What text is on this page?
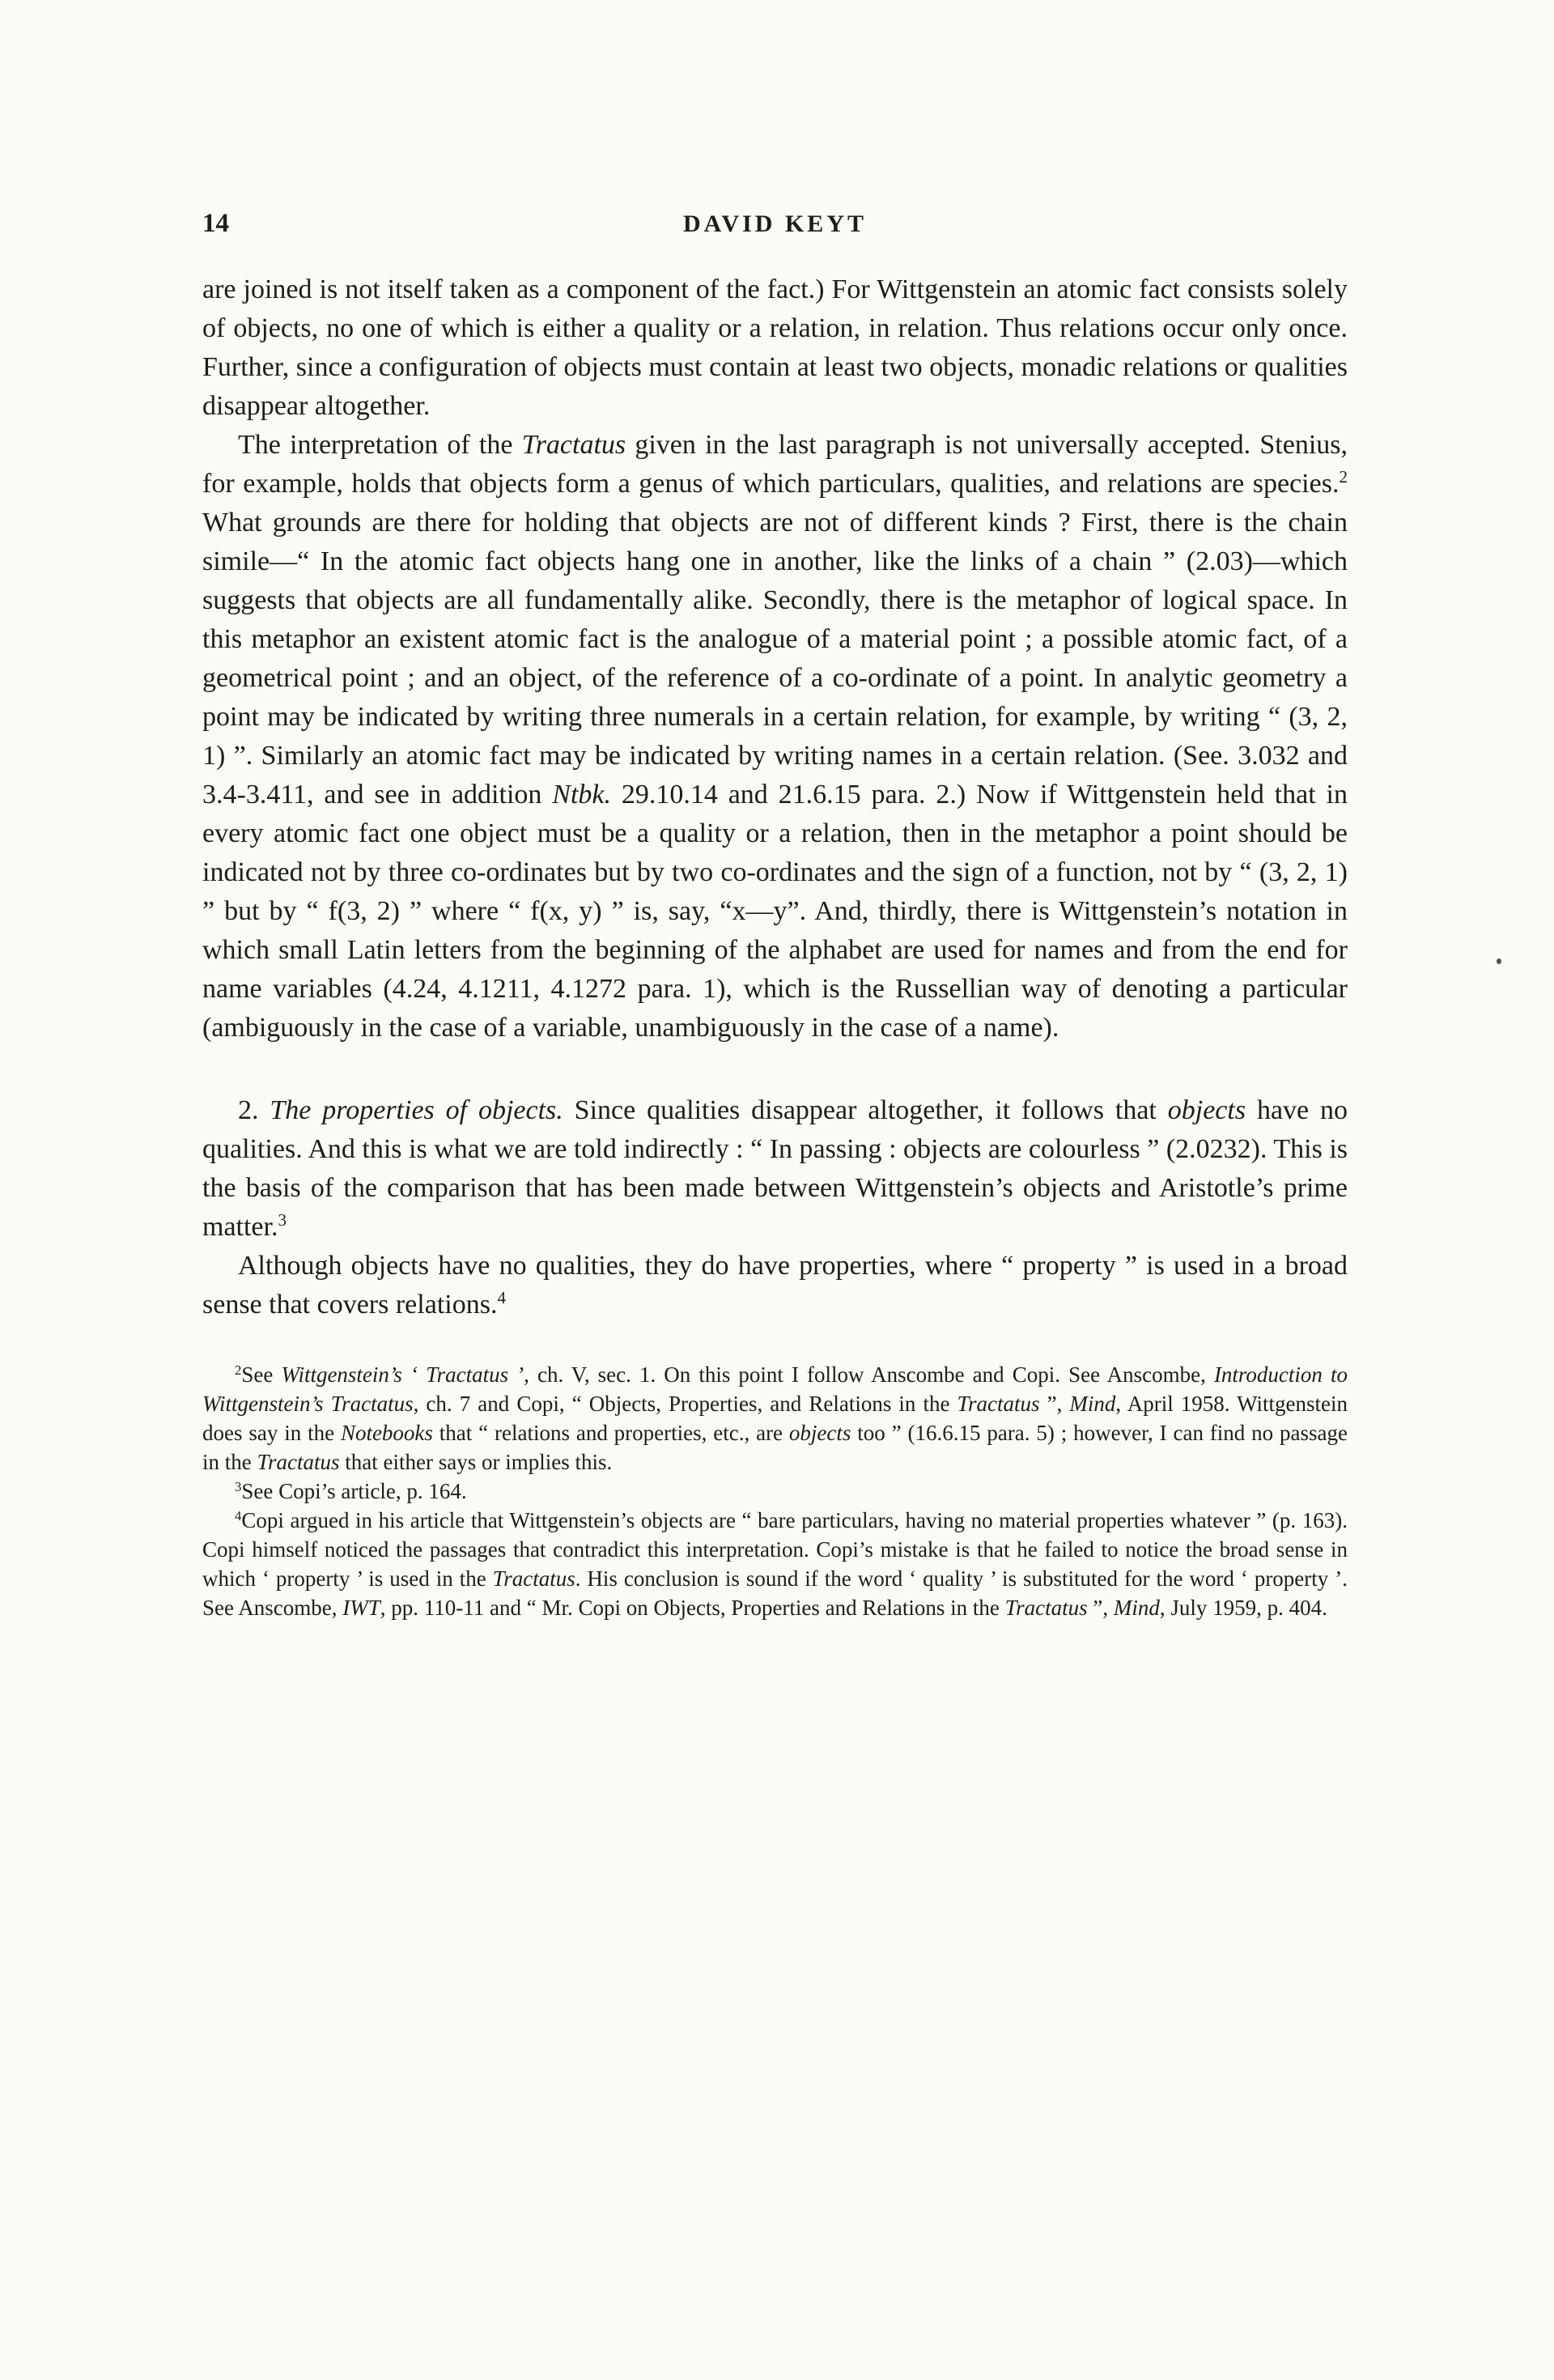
14	DAVID KEYT

are joined is not itself taken as a component of the fact.) For Wittgenstein an atomic fact consists solely of objects, no one of which is either a quality or a relation, in relation. Thus relations occur only once. Further, since a configuration of objects must contain at least two objects, monadic relations or qualities disappear altogether.

The interpretation of the Tractatus given in the last paragraph is not universally accepted. Stenius, for example, holds that objects form a genus of which particulars, qualities, and relations are species.$^2$ What grounds are there for holding that objects are not of different kinds ? First, there is the chain simile—“ In the atomic fact objects hang one in another, like the links of a chain ” (2.03)—which suggests that objects are all fundamentally alike. Secondly, there is the metaphor of logical space. In this metaphor an existent atomic fact is the analogue of a material point ; a possible atomic fact, of a geometrical point ; and an object, of the reference of a co-ordinate of a point. In analytic geometry a point may be indicated by writing three numerals in a certain relation, for example, by writing “ (3, 2, 1) ”. Similarly an atomic fact may be indicated by writing names in a certain relation. (See. 3.032 and 3.4-3.411, and see in addition Ntbk. 29.10.14 and 21.6.15 para. 2.) Now if Wittgenstein held that in every atomic fact one object must be a quality or a relation, then in the metaphor a point should be indicated not by three co-ordinates but by two co-ordinates and the sign of a function, not by “ (3, 2, 1) ” but by “ f(3, 2) ” where “ f(x, y) ” is, say, “x—y”. And, thirdly, there is Wittgenstein’s notation in which small Latin letters from the beginning of the alphabet are used for names and from the end for name variables (4.24, 4.1211, 4.1272 para. 1), which is the Russellian way of denoting a particular (ambiguously in the case of a variable, unambiguously in the case of a name).

2. The properties of objects. Since qualities disappear altogether, it follows that objects have no qualities. And this is what we are told indirectly : “ In passing : objects are colourless ” (2.0232). This is the basis of the comparison that has been made between Wittgenstein’s objects and Aristotle’s prime matter.$^3$

Although objects have no qualities, they do have properties, where “ property ” is used in a broad sense that covers relations.$^4$

$^2$See Wittgenstein’s ‘ Tractatus ’, ch. V, sec. 1. On this point I follow Anscombe and Copi. See Anscombe, Introduction to Wittgenstein’s Tractatus, ch. 7 and Copi, “ Objects, Properties, and Relations in the Tractatus ”, Mind, April 1958. Wittgenstein does say in the Notebooks that “ relations and properties, etc., are objects too ” (16.6.15 para. 5) ; however, I can find no passage in the Tractatus that either says or implies this.

$^3$See Copi’s article, p. 164.

$^4$Copi argued in his article that Wittgenstein’s objects are “ bare particulars, having no material properties whatever ” (p. 163). Copi himself noticed the passages that contradict this interpretation. Copi’s mistake is that he failed to notice the broad sense in which ‘ property ’ is used in the Tractatus. His conclusion is sound if the word ‘ quality ’ is substituted for the word ‘ property ’. See Anscombe, IWT, pp. 110-11 and “ Mr. Copi on Objects, Properties and Relations in the Tractatus ”, Mind, July 1959, p. 404.
